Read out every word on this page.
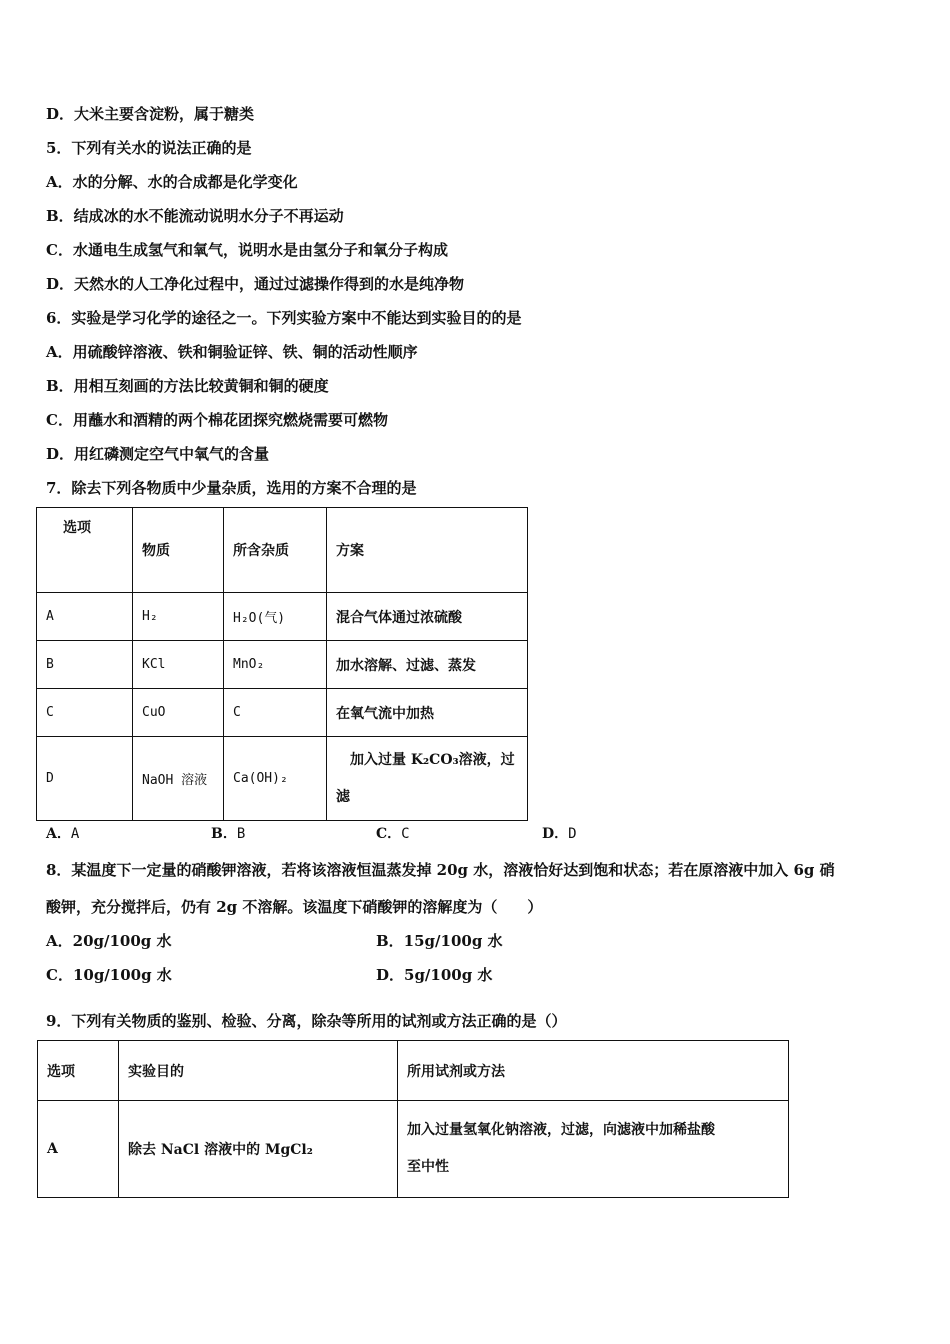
D．大米主要含淀粉，属于糖类
5．下列有关水的说法正确的是
A．水的分解、水的合成都是化学变化
B．结成冰的水不能流动说明水分子不再运动
C．水通电生成氢气和氧气，说明水是由氢分子和氧分子构成
D．天然水的人工净化过程中，通过过滤操作得到的水是纯净物
6．实验是学习化学的途径之一。下列实验方案中不能达到实验目的的是
A．用硫酸锌溶液、铁和铜验证锌、铁、铜的活动性顺序
B．用相互刻画的方法比较黄铜和铜的硬度
C．用蘸水和酒精的两个棉花团探究燃烧需要可燃物
D．用红磷测定空气中氧气的含量
7．除去下列各物质中少量杂质，选用的方案不合理的是
选项	物质	所含杂质	方案
A	H₂	H₂O(气)	混合气体通过浓硫酸
B	KCl	MnO₂	加水溶解、过滤、蒸发
C	CuO	C	在氧气流中加热
D	NaOH 溶液	Ca(OH)₂	　加入过量 K₂CO₃溶液，过
滤
A．A	B．B	C．C	D．D
8．某温度下一定量的硝酸钾溶液，若将该溶液恒温蒸发掉 20g 水，溶液恰好达到饱和状态；若在原溶液中加入 6g 硝
酸钾，充分搅拌后，仍有 2g 不溶解。该温度下硝酸钾的溶解度为（　　）
A．20g/100g 水	B．15g/100g 水
C．10g/100g 水	D．5g/100g 水
9．下列有关物质的鉴别、检验、分离，除杂等所用的试剂或方法正确的是（）
选项	实验目的	所用试剂或方法
A	除去 NaCl 溶液中的 MgCl₂	加入过量氢氧化钠溶液，过滤，向滤液中加稀盐酸
至中性
